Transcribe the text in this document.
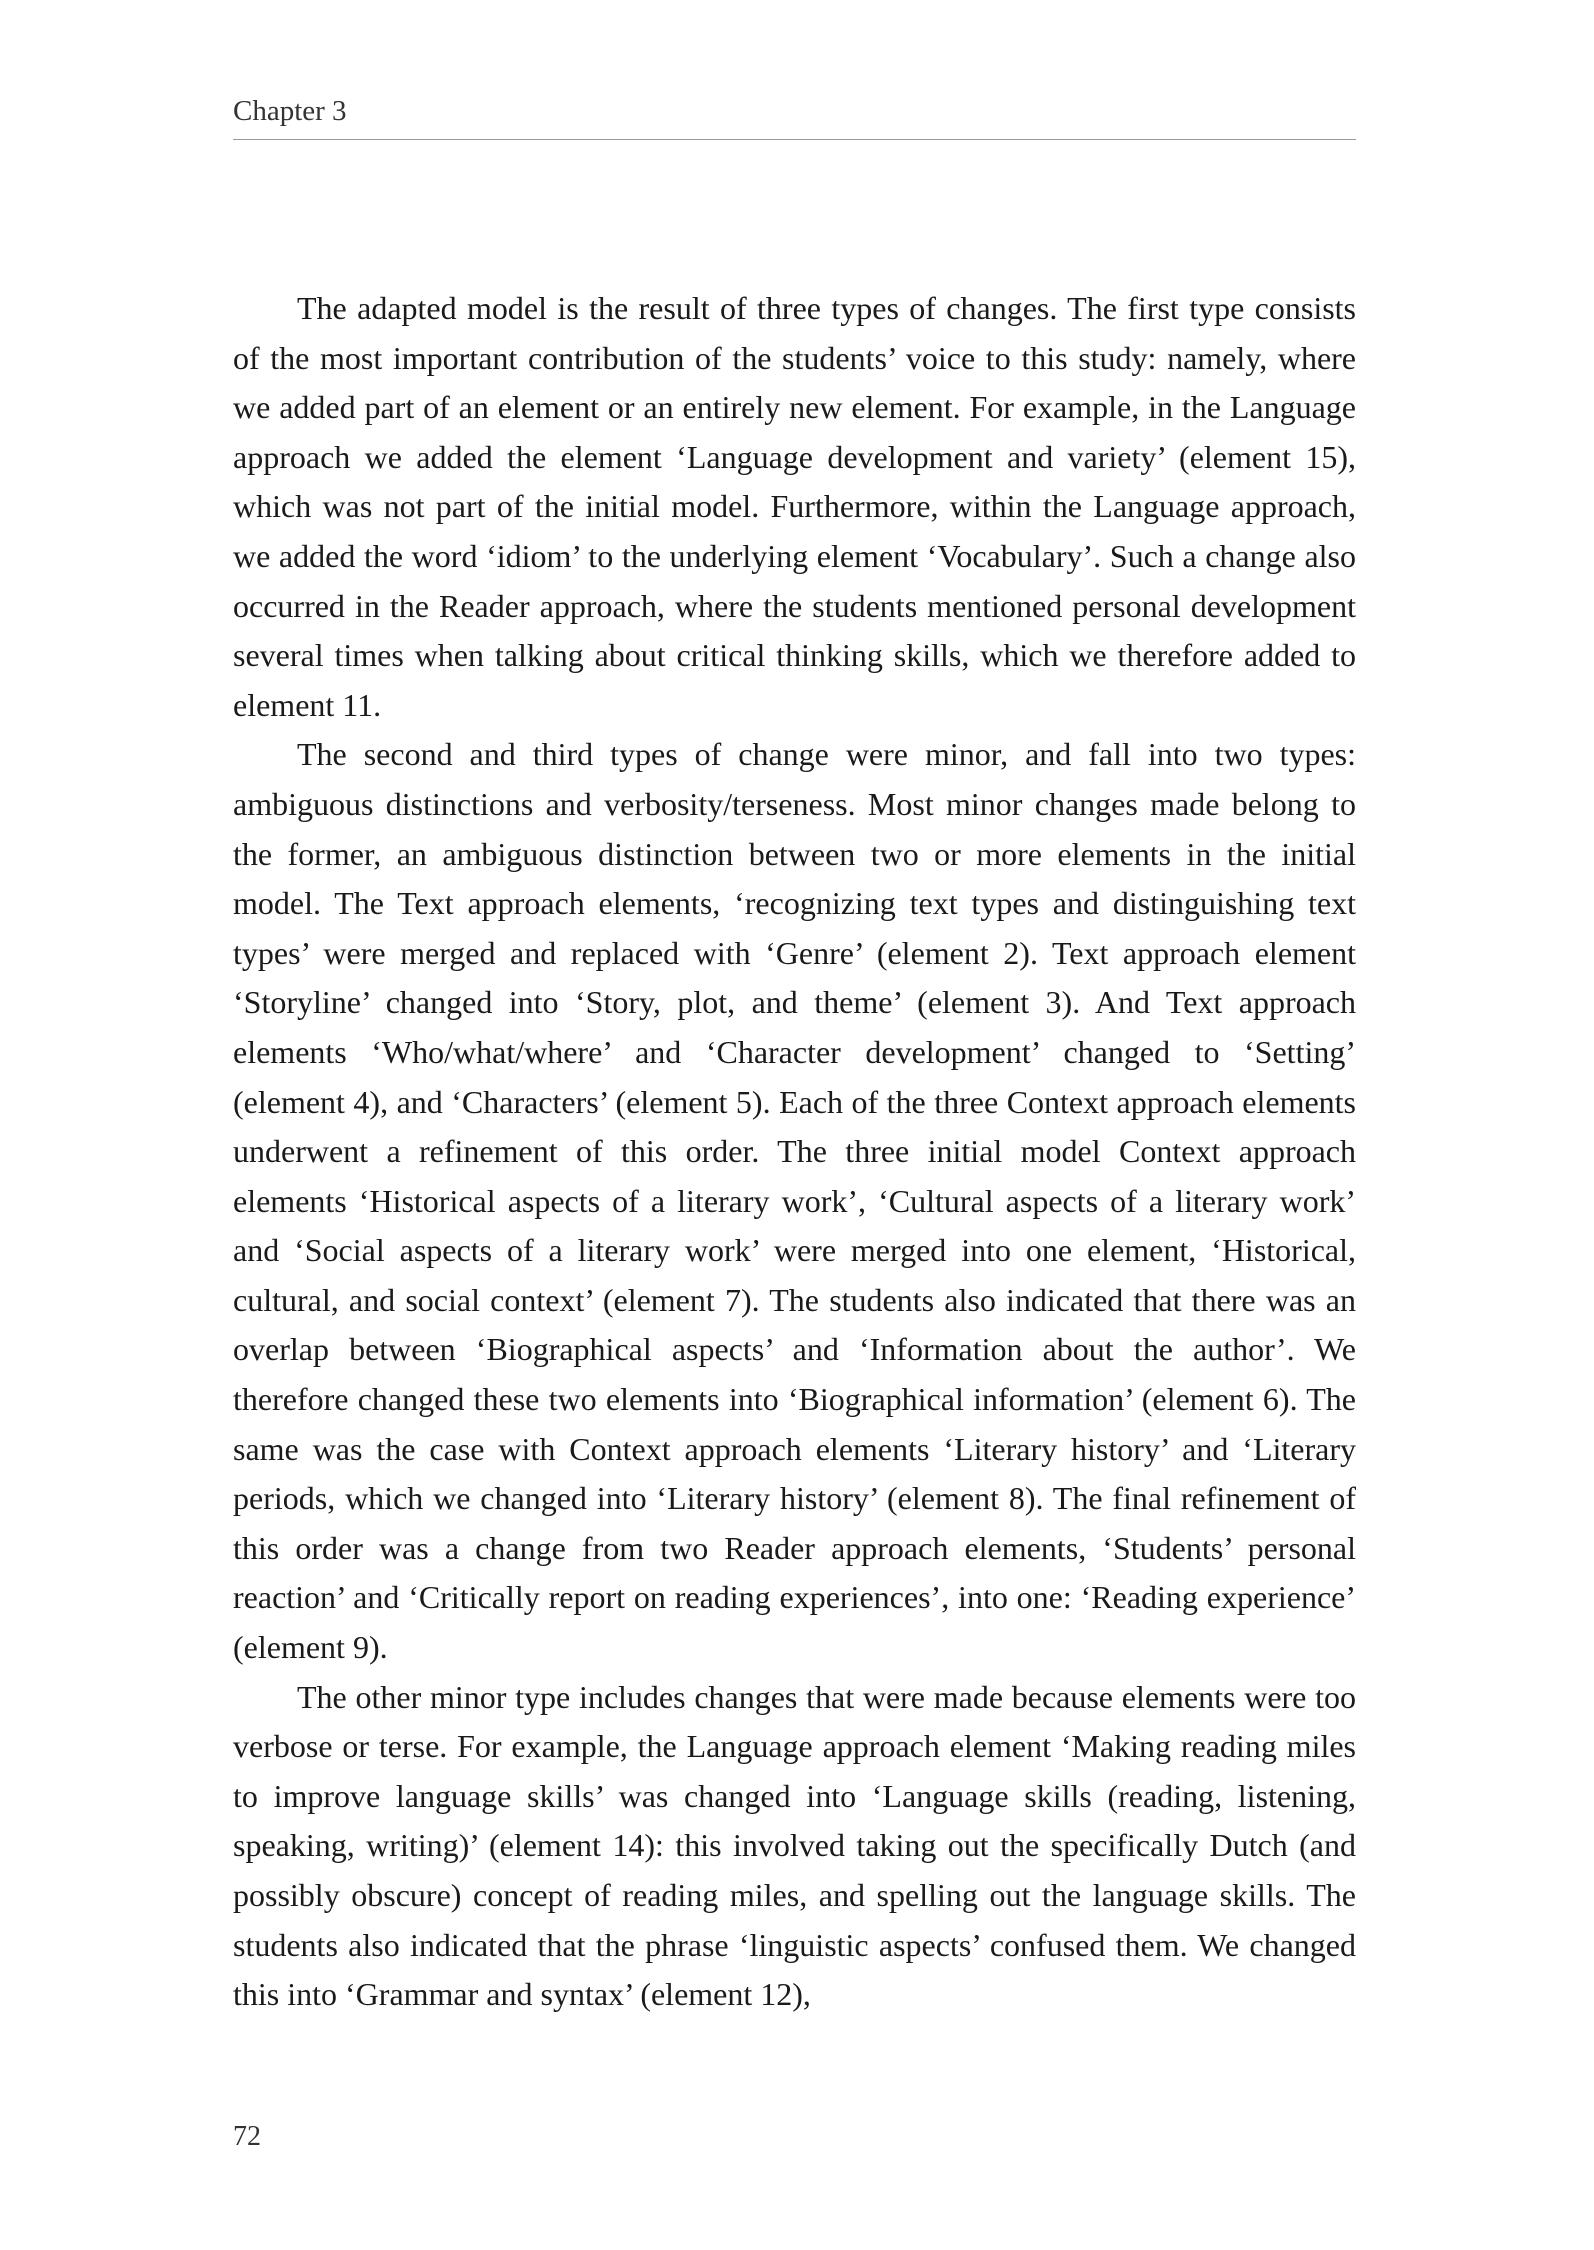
Chapter 3

The adapted model is the result of three types of changes. The first type consists of the most important contribution of the students’ voice to this study: namely, where we added part of an element or an entirely new element. For example, in the Language approach we added the element ‘Language development and variety’ (element 15), which was not part of the initial model. Furthermore, within the Language approach, we added the word ‘idiom’ to the underlying element ‘Vocabulary’. Such a change also occurred in the Reader approach, where the students mentioned personal development several times when talking about critical thinking skills, which we therefore added to element 11.

The second and third types of change were minor, and fall into two types: ambiguous distinctions and verbosity/terseness. Most minor changes made belong to the former, an ambiguous distinction between two or more elements in the initial model. The Text approach elements, ‘recognizing text types and distinguishing text types’ were merged and replaced with ‘Genre’ (element 2). Text approach element ‘Storyline’ changed into ‘Story, plot, and theme’ (element 3). And Text approach elements ‘Who/what/where’ and ‘Character development’ changed to ‘Setting’ (element 4), and ‘Characters’ (element 5). Each of the three Context approach elements underwent a refinement of this order. The three initial model Context approach elements ‘Historical aspects of a literary work’, ‘Cultural aspects of a literary work’ and ‘Social aspects of a literary work’ were merged into one element, ‘Historical, cultural, and social context’ (element 7). The students also indicated that there was an overlap between ‘Biographical aspects’ and ‘Information about the author’. We therefore changed these two elements into ‘Biographical information’ (element 6). The same was the case with Context approach elements ‘Literary history’ and ‘Literary periods, which we changed into ‘Literary history’ (element 8). The final refinement of this order was a change from two Reader approach elements, ‘Students’ personal reaction’ and ‘Critically report on reading experiences’, into one: ‘Reading experience’ (element 9).

The other minor type includes changes that were made because elements were too verbose or terse. For example, the Language approach element ‘Making reading miles to improve language skills’ was changed into ‘Language skills (reading, listening, speaking, writing)’ (element 14): this involved taking out the specifically Dutch (and possibly obscure) concept of reading miles, and spelling out the language skills. The students also indicated that the phrase ‘linguistic aspects’ confused them. We changed this into ‘Grammar and syntax’ (element 12),

72
